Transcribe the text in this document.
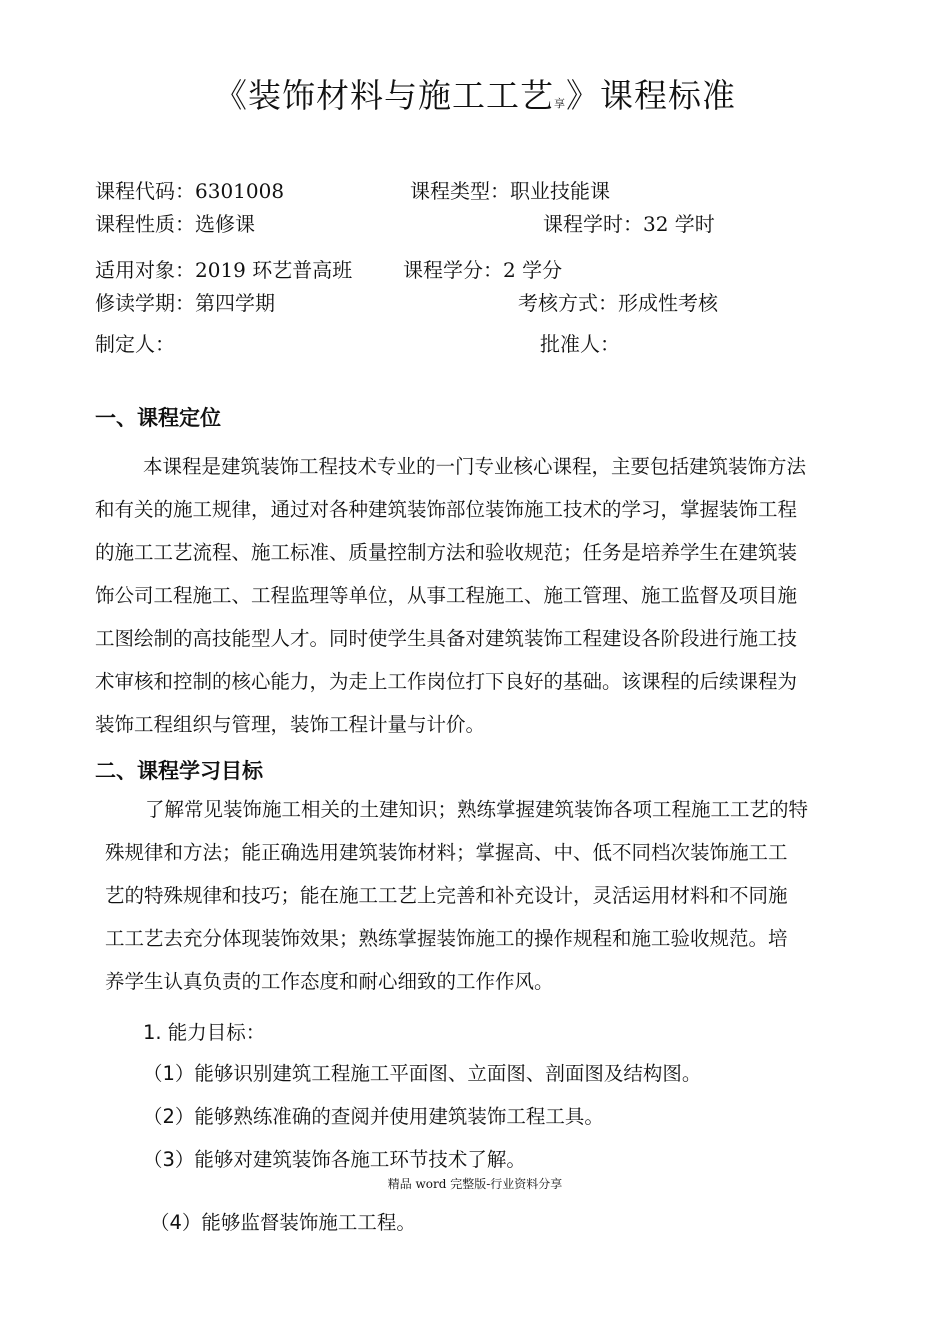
《装饰材料与施工工艺享》课程标准
课程代码：6301008	课程类型：职业技能课
课程性质：选修课	课程学时：32 学时
适用对象：2019 环艺普高班	课程学分：2 学分
修读学期：第四学期	考核方式：形成性考核
制定人：	批准人：
一、课程定位
本课程是建筑装饰工程技术专业的一门专业核心课程，主要包括建筑装饰方法
和有关的施工规律，通过对各种建筑装饰部位装饰施工技术的学习，掌握装饰工程
的施工工艺流程、施工标准、质量控制方法和验收规范；任务是培养学生在建筑装
饰公司工程施工、工程监理等单位，从事工程施工、施工管理、施工监督及项目施
工图绘制的高技能型人才。同时使学生具备对建筑装饰工程建设各阶段进行施工技
术审核和控制的核心能力，为走上工作岗位打下良好的基础。该课程的后续课程为
装饰工程组织与管理，装饰工程计量与计价。
二、课程学习目标
了解常见装饰施工相关的土建知识；熟练掌握建筑装饰各项工程施工工艺的特
殊规律和方法；能正确选用建筑装饰材料；掌握高、中、低不同档次装饰施工工
艺的特殊规律和技巧；能在施工工艺上完善和补充设计，灵活运用材料和不同施
工工艺去充分体现装饰效果；熟练掌握装饰施工的操作规程和施工验收规范。培
养学生认真负责的工作态度和耐心细致的工作作风。
1. 能力目标：
（1）能够识别建筑工程施工平面图、立面图、剖面图及结构图。
（2）能够熟练准确的查阅并使用建筑装饰工程工具。
（3）能够对建筑装饰各施工环节技术了解。
精品 word 完整版-行业资料分享
（4）能够监督装饰施工工程。
